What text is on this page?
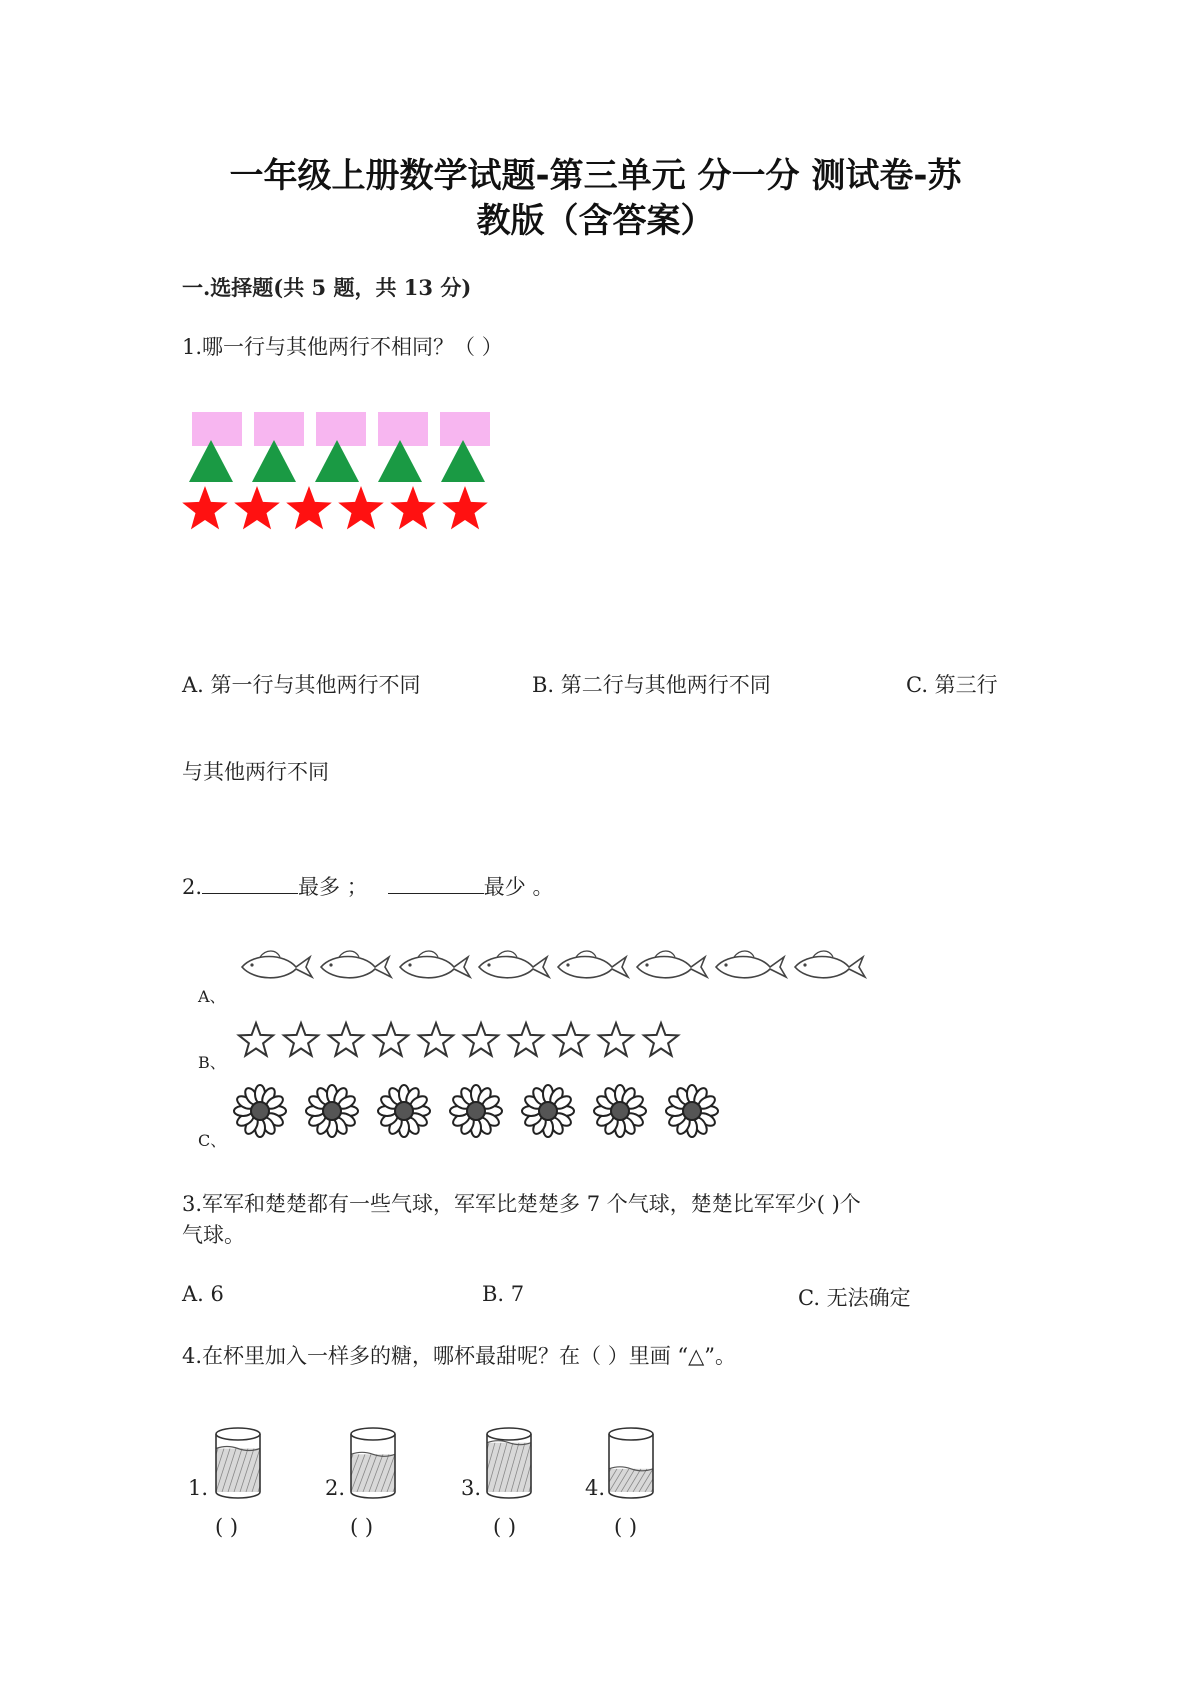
一年级上册数学试题-第三单元 分一分 测试卷-苏
教版（含答案）
一.选择题(共 5 题，共 13 分)
1.哪一行与其他两行不相同？（ ）
A. 第一行与其他两行不同	B. 第二行与其他两行不同	C. 第三行
与其他两行不同
2.	最多 ；	最少 。
A、
B、
C、
3.军军和楚楚都有一些气球，军军比楚楚多 7 个气球，楚楚比军军少( )个
气球。
A. 6	B. 7	C. 无法确定
4.在杯里加入一样多的糖，哪杯最甜呢？在（ ）里画 “△”。
1.	2.	3.	4.
( )	( )	( )	( )
